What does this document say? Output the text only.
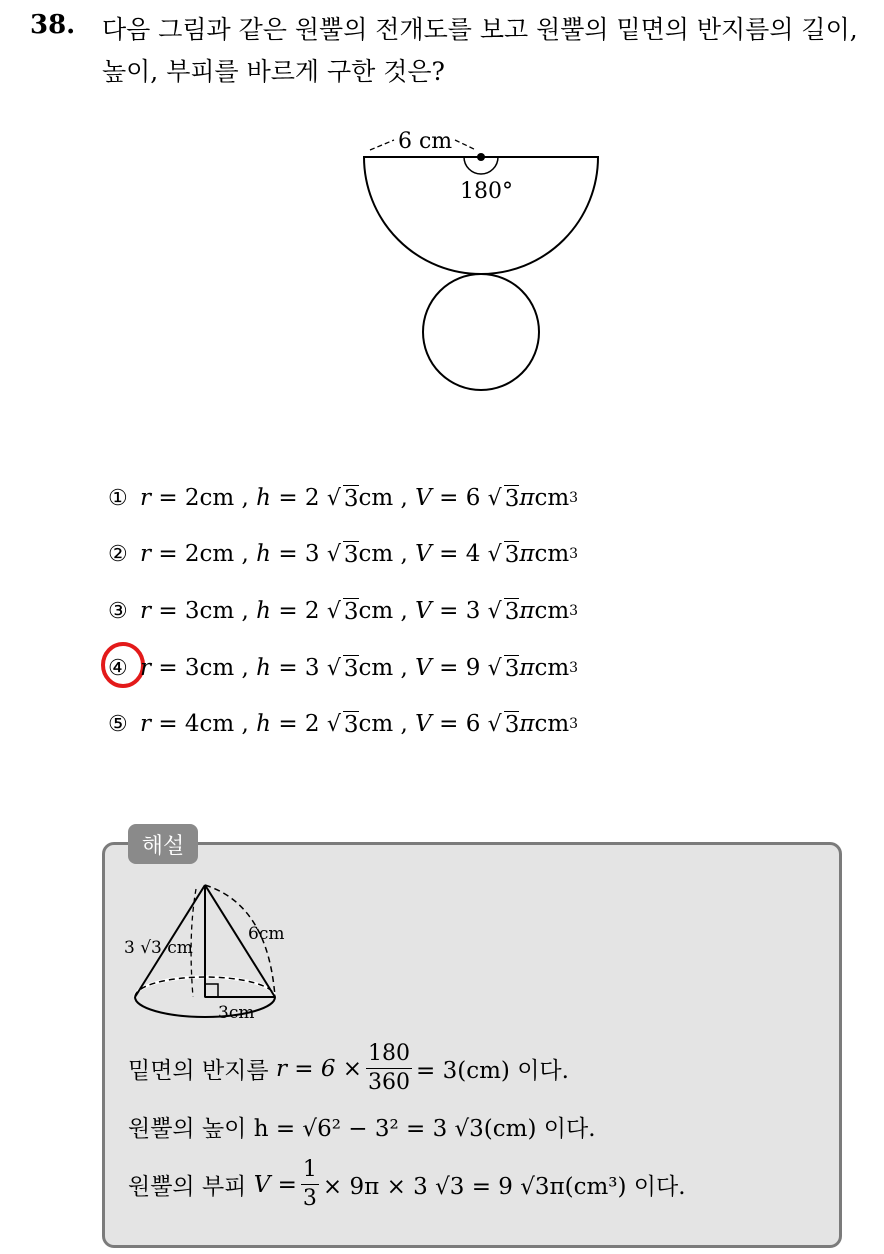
38. 다음 그림과 같은 원뿔의 전개도를 보고 원뿔의 밑면의 반지름의 길이,
높이, 부피를 바르게 구한 것은?
6 cm
180°
① r
=
2cm
,
h
=
2
√ 3 cm
,
V
=
6
√ 3 π cm 3
② r
=
2cm
,
h
=
3
√ 3 cm
,
V
=
4
√ 3 π cm 3
③ r
=
3cm
,
h
=
2
√ 3 cm
,
V
=
3
√ 3 π cm 3
④ r
=
3cm
,
h
=
3
√ 3 cm
,
V
=
9
√ 3 π cm 3
⑤ r
=
4cm
,
h
=
2
√ 3 cm
,
V
=
6
√ 3 π cm 3
해설
3 √3 cm
6cm
3cm
밑면의 반지름
$r = 6 \times \frac{180}{360} = 3(cm)$ 이다.
원뿔의 높이
h = √6² − 3² = 3 √3(cm) 이다.
원뿔의 부피
$V = \frac{1}{3} \times 9\pi \times 3$ √3 = 9 √3π(cm³) 이다.
